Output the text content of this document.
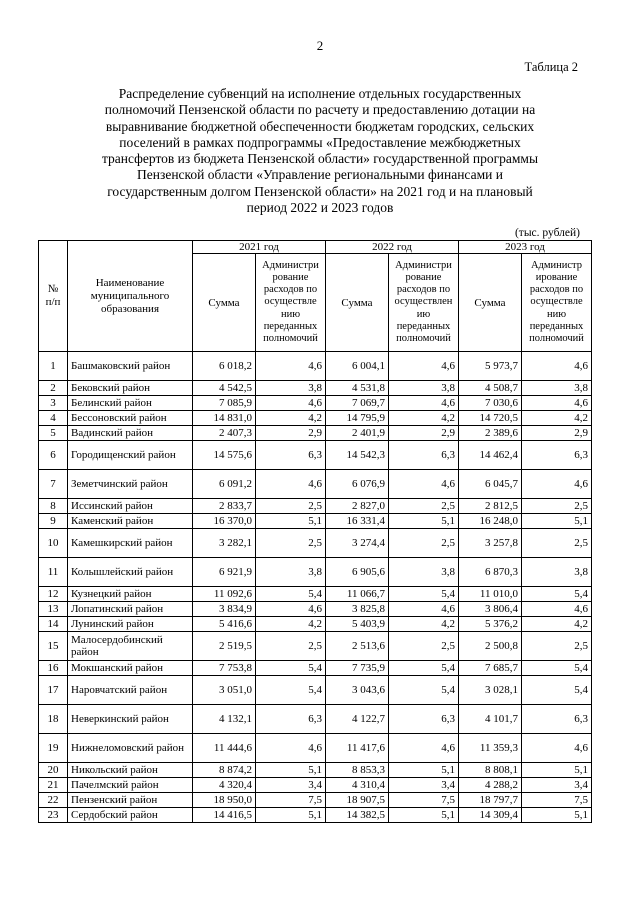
2
Таблица 2
Распределение субвенций на исполнение отдельных государственных
полномочий Пензенской области по расчету и предоставлению дотации на
выравнивание бюджетной обеспеченности бюджетам городских, сельских
поселений в рамках подпрограммы «Предоставление межбюджетных
трансфертов из бюджета Пензенской области» государственной программы
Пензенской области «Управление региональными финансами и
государственным долгом Пензенской области» на 2021 год и на плановый
период 2022 и 2023 годов
(тыс. рублей)
№ п/п	Наименование муниципального образования	2021 год		2022 год		2023 год	
		Сумма	Администри рование расходов по осуществле нию переданных полномочий	Сумма	Администри рование расходов по осуществлен ию переданных полномочий	Сумма	Администр ирование расходов по осуществле нию переданных полномочий
1	Башмаковский район	6 018,2	4,6	6 004,1	4,6	5 973,7	4,6
2	Бековский район	4 542,5	3,8	4 531,8	3,8	4 508,7	3,8
3	Белинский район	7 085,9	4,6	7 069,7	4,6	7 030,6	4,6
4	Бессоновский район	14 831,0	4,2	14 795,9	4,2	14 720,5	4,2
5	Вадинский район	2 407,3	2,9	2 401,9	2,9	2 389,6	2,9
6	Городищенский район	14 575,6	6,3	14 542,3	6,3	14 462,4	6,3
7	Земетчинский район	6 091,2	4,6	6 076,9	4,6	6 045,7	4,6
8	Иссинский район	2 833,7	2,5	2 827,0	2,5	2 812,5	2,5
9	Каменский район	16 370,0	5,1	16 331,4	5,1	16 248,0	5,1
10	Камешкирский район	3 282,1	2,5	3 274,4	2,5	3 257,8	2,5
11	Колышлейский район	6 921,9	3,8	6 905,6	3,8	6 870,3	3,8
12	Кузнецкий район	11 092,6	5,4	11 066,7	5,4	11 010,0	5,4
13	Лопатинский район	3 834,9	4,6	3 825,8	4,6	3 806,4	4,6
14	Лунинский район	5 416,6	4,2	5 403,9	4,2	5 376,2	4,2
15	Малосердобинский район	2 519,5	2,5	2 513,6	2,5	2 500,8	2,5
16	Мокшанский район	7 753,8	5,4	7 735,9	5,4	7 685,7	5,4
17	Наровчатский район	3 051,0	5,4	3 043,6	5,4	3 028,1	5,4
18	Неверкинский район	4 132,1	6,3	4 122,7	6,3	4 101,7	6,3
19	Нижнеломовский район	11 444,6	4,6	11 417,6	4,6	11 359,3	4,6
20	Никольский район	8 874,2	5,1	8 853,3	5,1	8 808,1	5,1
21	Пачелмский район	4 320,4	3,4	4 310,4	3,4	4 288,2	3,4
22	Пензенский район	18 950,0	7,5	18 907,5	7,5	18 797,7	7,5
23	Сердобский район	14 416,5	5,1	14 382,5	5,1	14 309,4	5,1
